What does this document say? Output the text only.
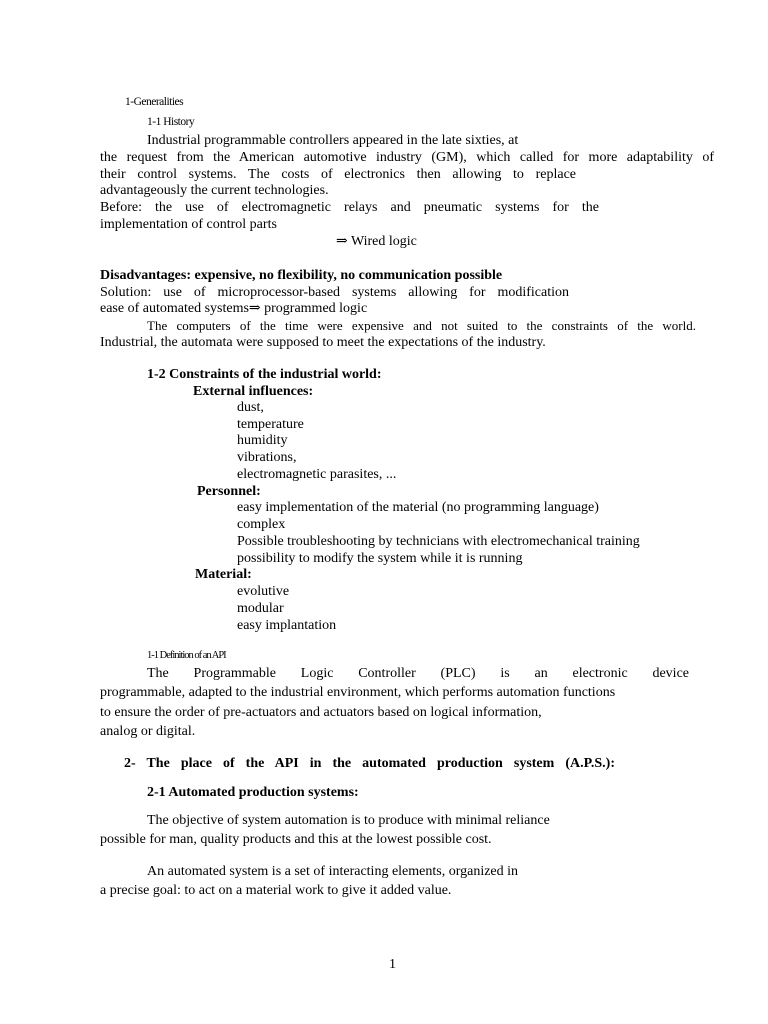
1-Generalities
1-1 History
Industrial programmable controllers appeared in the late sixties, at
the request from the American automotive industry (GM), which called for more adaptability of
their control systems. The costs of electronics then allowing to replace
advantageously the current technologies.
Before: the use of electromagnetic relays and pneumatic systems for the
implementation of control parts
⇒ Wired logic
Disadvantages: expensive, no flexibility, no communication possible
Solution: use of microprocessor-based systems allowing for modification
ease of automated systems⇒ programmed logic
The computers of the time were expensive and not suited to the constraints of the world.
Industrial, the automata were supposed to meet the expectations of the industry.
1-2 Constraints of the industrial world:
External influences:
dust,
temperature
humidity
vibrations,
electromagnetic parasites, ...
Personnel:
easy implementation of the material (no programming language)
complex
Possible troubleshooting by technicians with electromechanical training
possibility to modify the system while it is running
Material:
evolutive
modular
easy implantation
1-1 Definition of an API
The Programmable Logic Controller (PLC) is an electronic device
programmable, adapted to the industrial environment, which performs automation functions
to ensure the order of pre-actuators and actuators based on logical information,
analog or digital.
2- The place of the API in the automated production system (A.P.S.):
2-1 Automated production systems:
The objective of system automation is to produce with minimal reliance
possible for man, quality products and this at the lowest possible cost.
An automated system is a set of interacting elements, organized in
a precise goal: to act on a material work to give it added value.
1
